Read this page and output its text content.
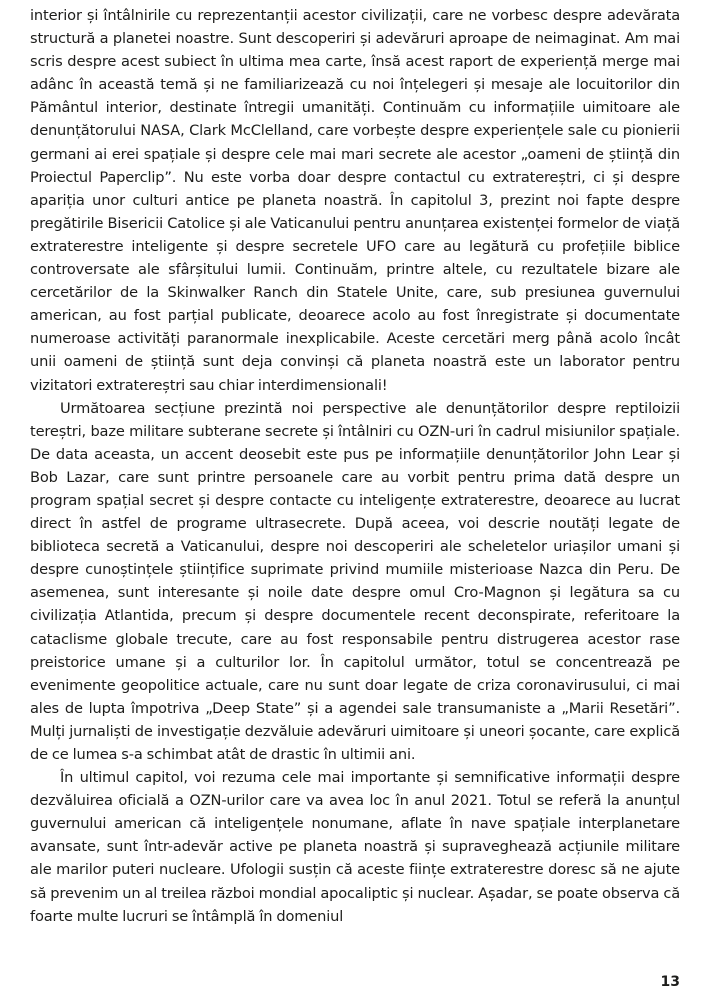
interior și întâlnirile cu reprezentanții acestor civilizații, care ne vorbesc despre adevărata structură a planetei noastre. Sunt descoperiri și adevăruri aproape de neimaginat. Am mai scris despre acest subiect în ultima mea carte, însă acest raport de experiență merge mai adânc în această temă și ne familiarizează cu noi înțelegeri și mesaje ale locuitorilor din Pământul interior, destinate întregii umanități. Continuăm cu informațiile uimitoare ale denunțătorului NASA, Clark McClelland, care vorbește despre experiențele sale cu pionierii germani ai erei spațiale și despre cele mai mari secrete ale acestor „oameni de știință din Proiectul Paperclip”. Nu este vorba doar despre contactul cu extratereștri, ci și despre apariția unor culturi antice pe planeta noastră. În capitolul 3, prezint noi fapte despre pregătirile Bisericii Catolice și ale Vaticanului pentru anunțarea existenței formelor de viață extraterestre inteligente și despre secretele UFO care au legătură cu profețiile biblice controversate ale sfârșitului lumii. Continuăm, printre altele, cu rezultatele bizare ale cercetărilor de la Skinwalker Ranch din Statele Unite, care, sub presiunea guvernului american, au fost parțial publicate, deoarece acolo au fost înregistrate și documentate numeroase activități paranormale inexplicabile. Aceste cercetări merg până acolo încât unii oameni de știință sunt deja convinși că planeta noastră este un laborator pentru vizitatori extratereștri sau chiar interdimensionali!

Următoarea secțiune prezintă noi perspective ale denunțătorilor despre reptiloizii tereștri, baze militare subterane secrete și întâlniri cu OZN-uri în cadrul misiunilor spațiale. De data aceasta, un accent deosebit este pus pe informațiile denunțătorilor John Lear și Bob Lazar, care sunt printre persoanele care au vorbit pentru prima dată despre un program spațial secret și despre contacte cu inteligențe extraterestre, deoarece au lucrat direct în astfel de programe ultrasecrete. După aceea, voi descrie noutăți legate de biblioteca secretă a Vaticanului, despre noi descoperiri ale scheletelor uriașilor umani și despre cunoștințele științifice suprimate privind mumiile misterioase Nazca din Peru. De asemenea, sunt interesante și noile date despre omul Cro-Magnon și legătura sa cu civilizația Atlantida, precum și despre documentele recent deconspirate, referitoare la cataclisme globale trecute, care au fost responsabile pentru distrugerea acestor rase preistorice umane și a culturilor lor. În capitolul următor, totul se concentrează pe evenimente geopolitice actuale, care nu sunt doar legate de criza coronavirusului, ci mai ales de lupta împotriva „Deep State” și a agendei sale transumaniste a „Marii Resetări”. Mulți jurnaliști de investigație dezvăluie adevăruri uimitoare și uneori șocante, care explică de ce lumea s-a schimbat atât de drastic în ultimii ani.

În ultimul capitol, voi rezuma cele mai importante și semnificative informații despre dezvăluirea oficială a OZN-urilor care va avea loc în anul 2021. Totul se referă la anunțul guvernului american că inteligențele nonumane, aflate în nave spațiale interplanetare avansate, sunt într-adevăr active pe planeta noastră și supraveghează acțiunile militare ale marilor puteri nucleare. Ufologii susțin că aceste ființe extraterestre doresc să ne ajute să prevenim un al treilea război mondial apocaliptic și nuclear. Așadar, se poate observa că foarte multe lucruri se întâmplă în domeniul

13
